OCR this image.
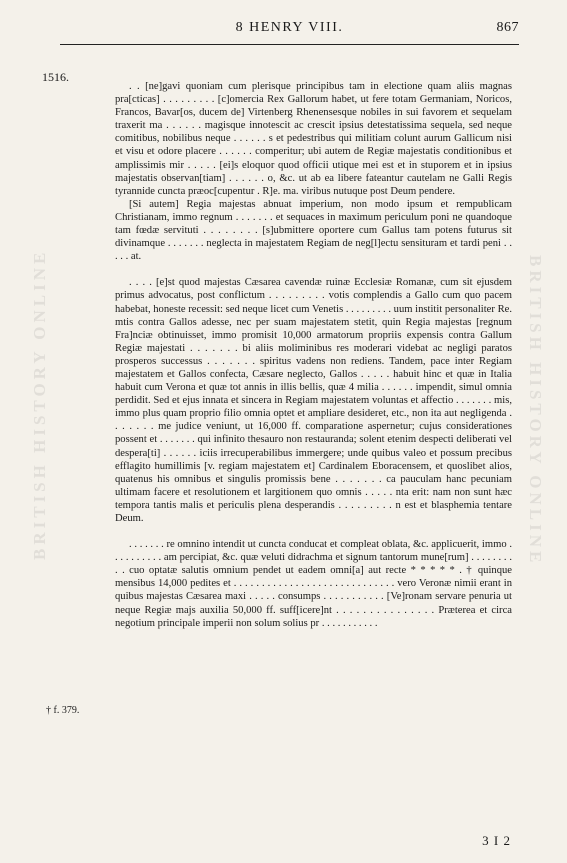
8 HENRY VIII.	867
1516.
† f. 379.
BRITISH HISTORY ONLINE
BRITISH HISTORY ONLINE

. . [ne]gavi quoniam cum plerisque principibus tam in electione quam aliis magnas pra[cticas] . . . . . . . . . [c]omercia Rex Gallorum habet, ut fere totam Germaniam, Noricos, Francos, Bavar[os, ducem de] Virtenberg Rhenensesque nobiles in sui favorem et sequelam traxerit ma . . . . . . magisque innotescit ac crescit ipsius detestatissima sequela, sed neque comitibus, nobilibus neque . . . . . . s et pedestribus qui militiam colunt aurum Gallicum nisi et visu et odore placere . . . . . . comperitur; ubi autem de Regiæ majestatis conditionibus et amplissimis mir . . . . . [ei]s eloquor quod officii utique mei est et in stuporem et in ipsius majestatis observan[tiam] . . . . . . o, &c. ut ab ea libere fateantur cautelam ne Galli Regis tyrannide cuncta præoc[cupentur . R]e. ma. viribus nutuque post Deum pendere.

[Si autem] Regia majestas abnuat imperium, non modo ipsum et rempublicam Christianam, immo regnum . . . . . . . et sequaces in maximum periculum poni ne quandoque tam fœdæ servituti . . . . . . . . [s]ubmittere oportere cum Gallus tam potens futurus sit divinamque . . . . . . . neglecta in majestatem Regiam de neg[l]ectu sensituram et tardi peni . . . . . at.

. . . . [e]st quod majestas Cæsarea cavendæ ruinæ Ecclesiæ Romanæ, cum sit ejusdem primus advocatus, post conflictum . . . . . . . . . votis complendis a Gallo cum quo pacem habebat, honeste recessit: sed neque licet cum Venetis . . . . . . . . . uum institit personaliter Re. mtis contra Gallos adesse, nec per suam majestatem stetit, quin Regia majestas [regnum Fra]nciæ obtinuisset, immo promisit 10,000 armatorum propriis expensis contra Gallum Regiæ majestati . . . . . . . bi aliis moliminibus res moderari videbat ac negligi paratos prosperos successus . . . . . . . spiritus vadens non rediens. Tandem, pace inter Regiam majestatem et Gallos confecta, Cæsare neglecto, Gallos . . . . . habuit hinc et quæ in Italia habuit cum Verona et quæ tot annis in illis bellis, quæ 4 milia . . . . . . impendit, simul omnia perdidit. Sed et ejus innata et sincera in Regiam majestatem voluntas et affectio . . . . . . . mis, immo plus quam proprio filio omnia optet et ampliare desideret, etc., non ita aut negligenda . . . . . . . me judice veniunt, ut 16,000 ff. comparatione aspernetur; cujus considerationes possent et . . . . . . . qui infinito thesauro non restauranda; solent etenim despecti deliberati vel despera[ti] . . . . . . iciis irrecuperabilibus immergere; unde quibus valeo et possum precibus efflagito humillimis [v. regiam majestatem et] Cardinalem Eboracensem, et quoslibet alios, quatenus his omnibus et singulis promissis bene . . . . . . . ca pauculam hanc pecuniam ultimam facere et resolutionem et largitionem quo omnis . . . . . nta erit: nam non sunt hæc tempora tantis malis et periculis plena desperandis . . . . . . . . . n est et blasphemia tentare Deum.

. . . . . . . re omnino intendit ut cuncta conducat et compleat oblata, &c. applicuerit, immo . . . . . . . . . . am percipiat, &c. quæ veluti didrachma et signum tantorum mune[rum] . . . . . . . . . . cuo optatæ salutis omnium pendet ut eadem omni[a] aut recte * * * * * . † quinque mensibus 14,000 pedites et . . . . . . . . . . . . . . . . . . . . . . . . . . . . . vero Veronæ nimii erant in quibus majestas Cæsarea maxi . . . . . consumps . . . . . . . . . . . [Ve]ronam servare penuria ut neque Regiæ majs auxilia 50,000 ff. suff[icere]nt . . . . . . . . . . . . . . . Præterea et circa negotium principale imperii non solum solius pr . . . . . . . . . . .

3 I 2
